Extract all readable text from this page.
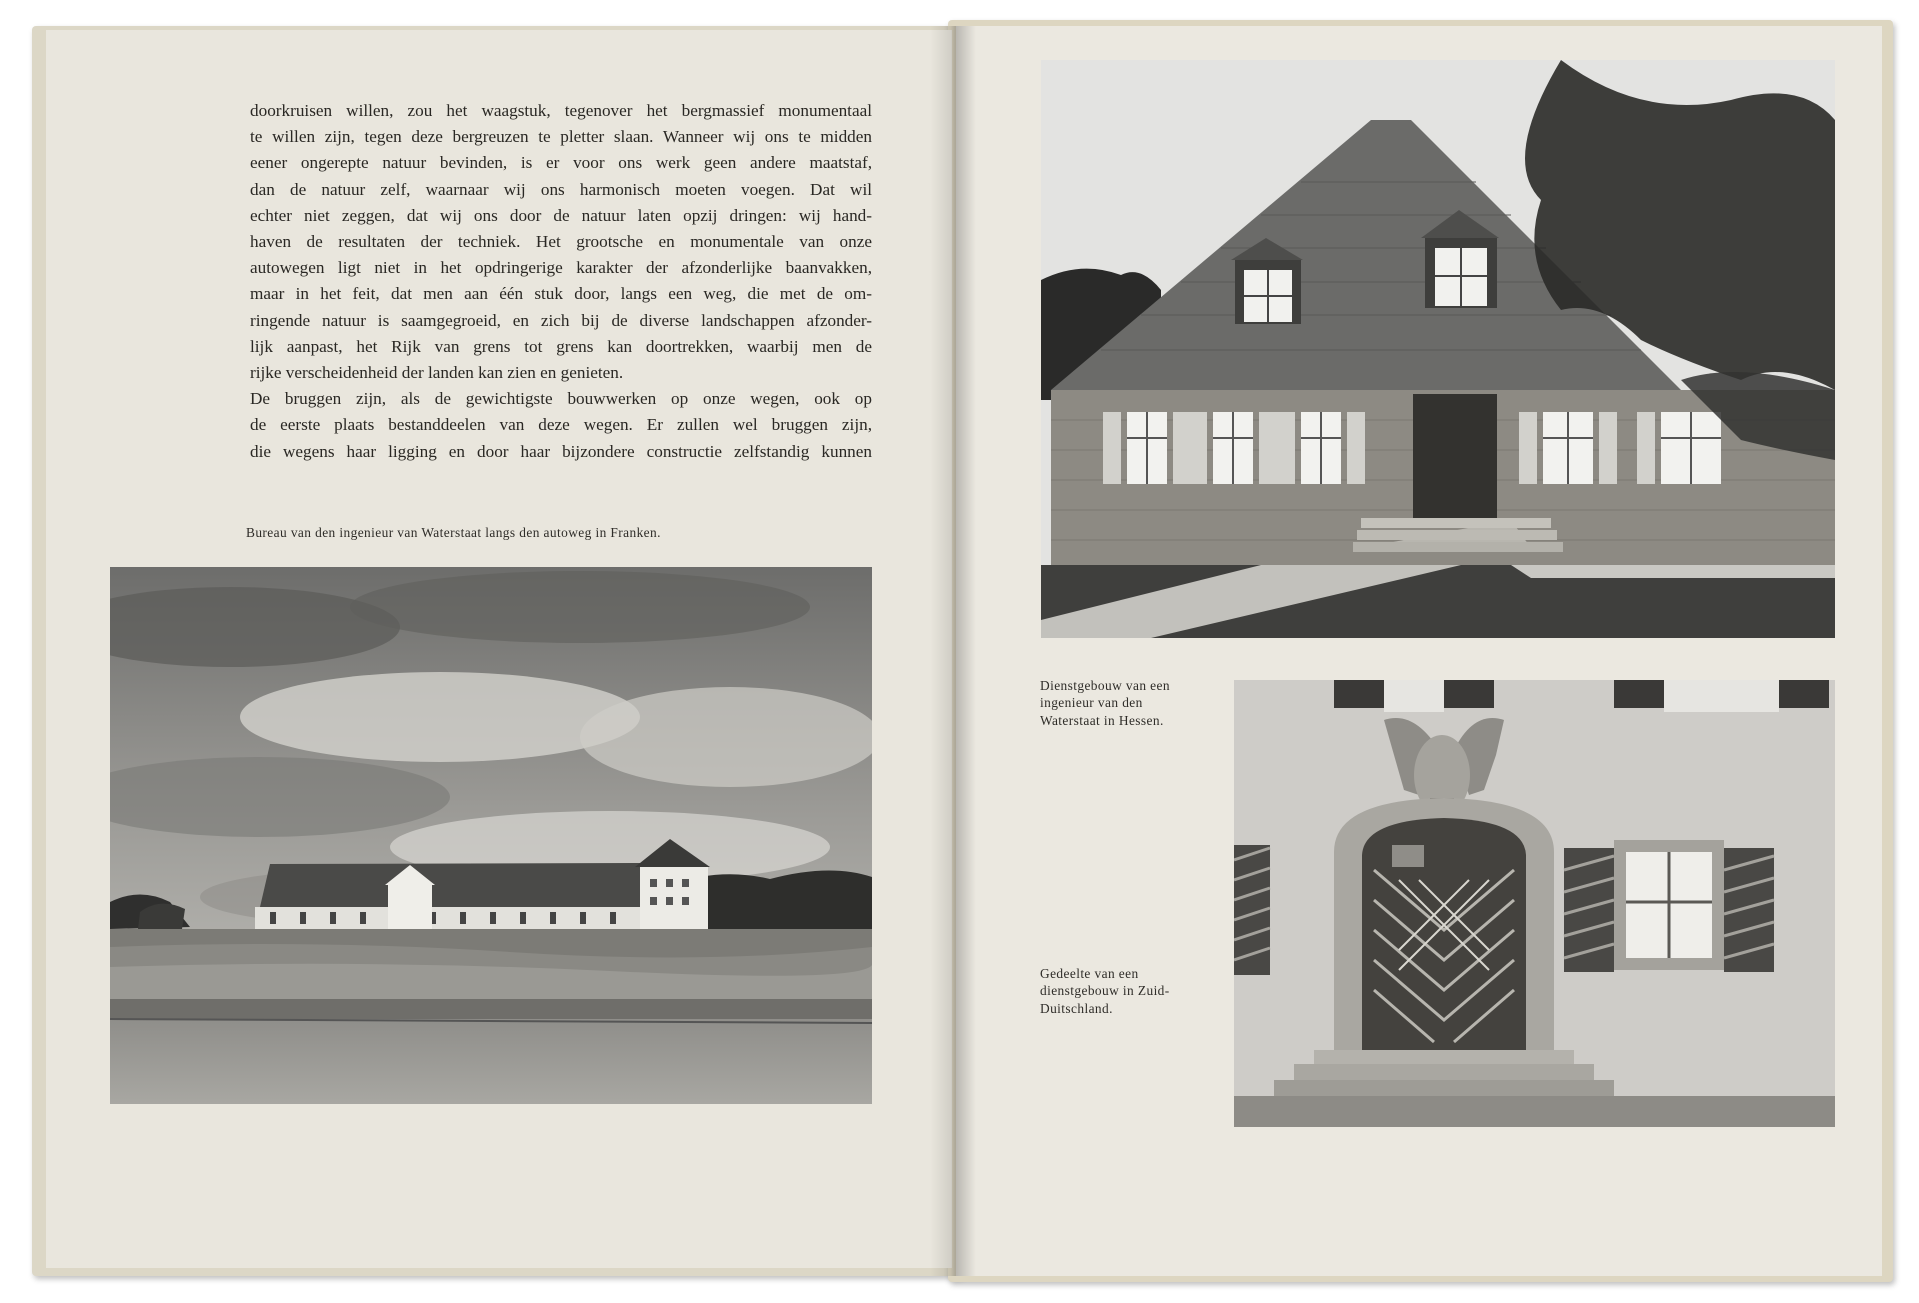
doorkruisen willen, zou het waagstuk, tegenover het bergmassief monumentaal
te willen zijn, tegen deze bergreuzen te pletter slaan. Wanneer wij ons te midden
eener ongerepte natuur bevinden, is er voor ons werk geen andere maatstaf,
dan de natuur zelf, waarnaar wij ons harmonisch moeten voegen. Dat wil
echter niet zeggen, dat wij ons door de natuur laten opzij dringen: wij hand-
haven de resultaten der techniek. Het grootsche en monumentale van onze
autowegen ligt niet in het opdringerige karakter der afzonderlijke baanvakken,
maar in het feit, dat men aan één stuk door, langs een weg, die met de om-
ringende natuur is saamgegroeid, en zich bij de diverse landschappen afzonder-
lijk aanpast, het Rijk van grens tot grens kan doortrekken, waarbij men de
rijke verscheidenheid der landen kan zien en genieten.
De bruggen zijn, als de gewichtigste bouwwerken op onze wegen, ook op
de eerste plaats bestanddeelen van deze wegen. Er zullen wel bruggen zijn,
die wegens haar ligging en door haar bijzondere constructie zelfstandig kunnen
Bureau van den ingenieur van Waterstaat langs den autoweg in Franken.
Dienstgebouw van een
ingenieur van den
Waterstaat in Hessen.
Gedeelte van een
dienstgebouw in Zuid-
Duitschland.
